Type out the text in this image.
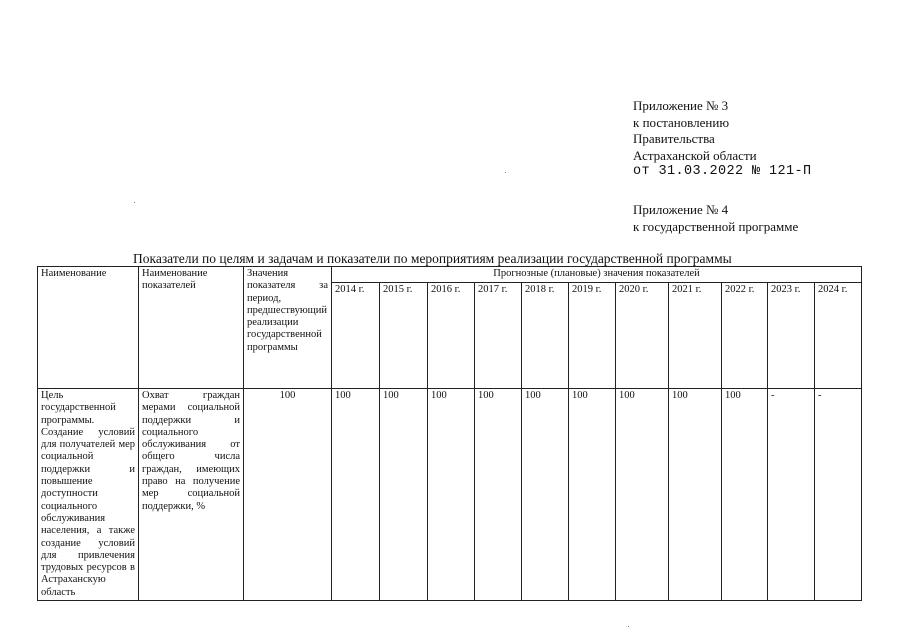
Приложение № 3
к постановлению
Правительства
Астраханской области
от 31.03.2022 № 121-П
Приложение № 4
к государственной программе
Показатели по целям и задачам и показатели по мероприятиям реализации государственной программы
Наименование	Наименование показателей	Значения показателя за период, предшествующий реализации государственной программы	Прогнозные (плановые) значения показателей										
			2014 г.	2015 г.	2016 г.	2017 г.	2018 г.	2019 г.	2020 г.	2021 г.	2022 г.	2023 г.	2024 г.
Цель государственной программы. Создание условий для получателей мер социальной поддержки и повышение доступности социального обслуживания населения, а также создание условий для привлечения трудовых ресурсов в Астраханскую область	Охват граждан мерами социальной поддержки и социального обслуживания от общего числа граждан, имеющих право на получение мер социальной поддержки, %	100	100	100	100	100	100	100	100	100	100	-	-
